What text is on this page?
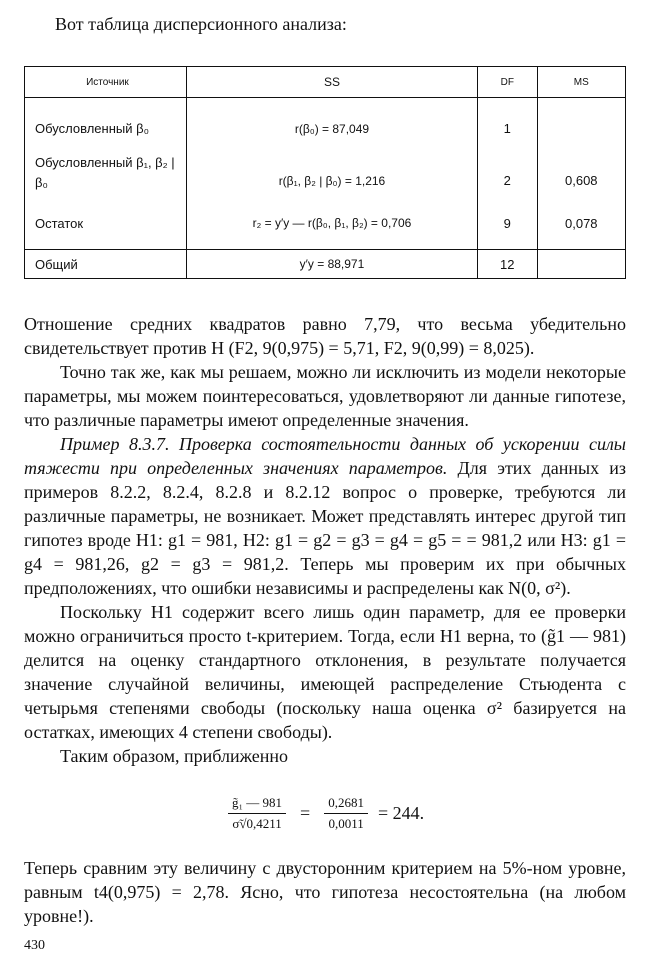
Вот таблица дисперсионного анализа:
Источник	SS	DF	MS
Обусловленный β₀	r(β₀) = 87,049	1	
Обусловленный β₁, β₂ | β₀	r(β₁, β₂ | β₀) = 1,216	2	0,608
Остаток	r₂ = y′y — r(β₀, β₁, β₂) = 0,706	9	0,078
Общий	y′y = 88,971	12	

Отношение средних квадратов равно 7,79, что весьма убедительно свидетельствует против H (F2, 9(0,975) = 5,71, F2, 9(0,99) = 8,025).

Точно так же, как мы решаем, можно ли исключить из модели некоторые параметры, мы можем поинтересоваться, удовлетворяют ли данные гипотезе, что различные параметры имеют определенные значения.

Пример 8.3.7. Проверка состоятельности данных об ускорении силы тяжести при определенных значениях параметров. Для этих данных из примеров 8.2.2, 8.2.4, 8.2.8 и 8.2.12 вопрос о проверке, требуются ли различные параметры, не возникает. Может представлять интерес другой тип гипотез вроде H1: g1 = 981, H2: g1 = g2 = g3 = g4 = g5 = = 981,2 или H3: g1 = g4 = 981,26, g2 = g3 = 981,2. Теперь мы проверим их при обычных предположениях, что ошибки независимы и распределены как N(0, σ²).

Поскольку H1 содержит всего лишь один параметр, для ее проверки можно ограничиться просто t-критерием. Тогда, если H1 верна, то (g̃1 — 981) делится на оценку стандартного отклонения, в результате получается значение случайной величины, имеющей распределение Стьюдента с четырьмя степенями свободы (поскольку наша оценка σ² базируется на остатках, имеющих 4 степени свободы).

Таким образом, приближенно

$\frac{\text{g̃₁ — 981}}{\sigmã√0,4211} = \frac{0,2681}{0,0011} = 244$.

Теперь сравним эту величину с двусторонним критерием на 5%-ном уровне, равным t4(0,975) = 2,78. Ясно, что гипотеза несостоятельна (на любом уровне!).

430
